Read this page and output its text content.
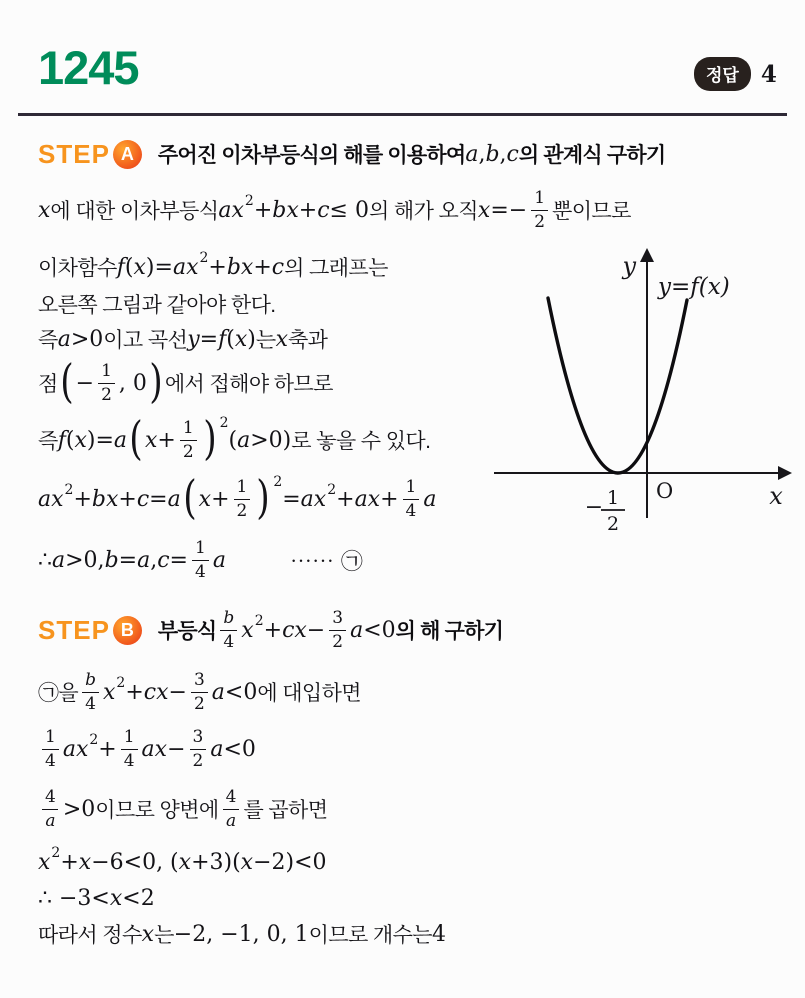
1245	정답 4
STEP A	주어진 이차부등식의 해를 이용하여 a , b , c 의 관계식 구하기
x 에 대한 이차부등식 ax 2 + bx + c ≤ 0 의 해가 오직 $x =- \frac{1}{2}$ 뿐이므로
이차함수 f ( x )= ax 2 + bx + c 의 그래프는
오른쪽 그림과 같아야 한다.
즉 a >0 이고 곡선 y = f ( x ) 는 x 축과
점 ( − $\frac{1}{2}$ , 0 ) 에서 접해야 하므로
즉 f ( x )= a ( $x + \frac{1}{2}$ ) 2
( a >0) 로 놓을 수 있다.
ax 2 + bx + c = a ( $x + \frac{1}{2}$ ) 2
= ax 2 + ax + $\frac{1}{4}$ a
∴ a >0, b = a , $c = \frac{1}{4}$ a	⋯⋯ ㉠
y
y=f(x)
O	x
− 1
2
STEP B	부등식 $\frac{b}{4}$ x 2 + cx − $\frac{3}{2}$ a <0 의 해 구하기
㉠을 $\frac{b}{4}$ x 2 + cx − $\frac{3}{2}$ a <0 에 대입하면
$\frac{1}{4}$ ax $2 + \frac{1}{4}$ ax − $\frac{3}{2}$ a <0
$\frac{4}{a} >0$ 이므로 양변에 $\frac{4}{a}$ 를 곱하면
x 2 + x −6<0, ( x +3)( x −2)<0
∴ −3< x <2
따라서 정수 x 는 −2, −1, 0, 1 이므로 개수는 4
